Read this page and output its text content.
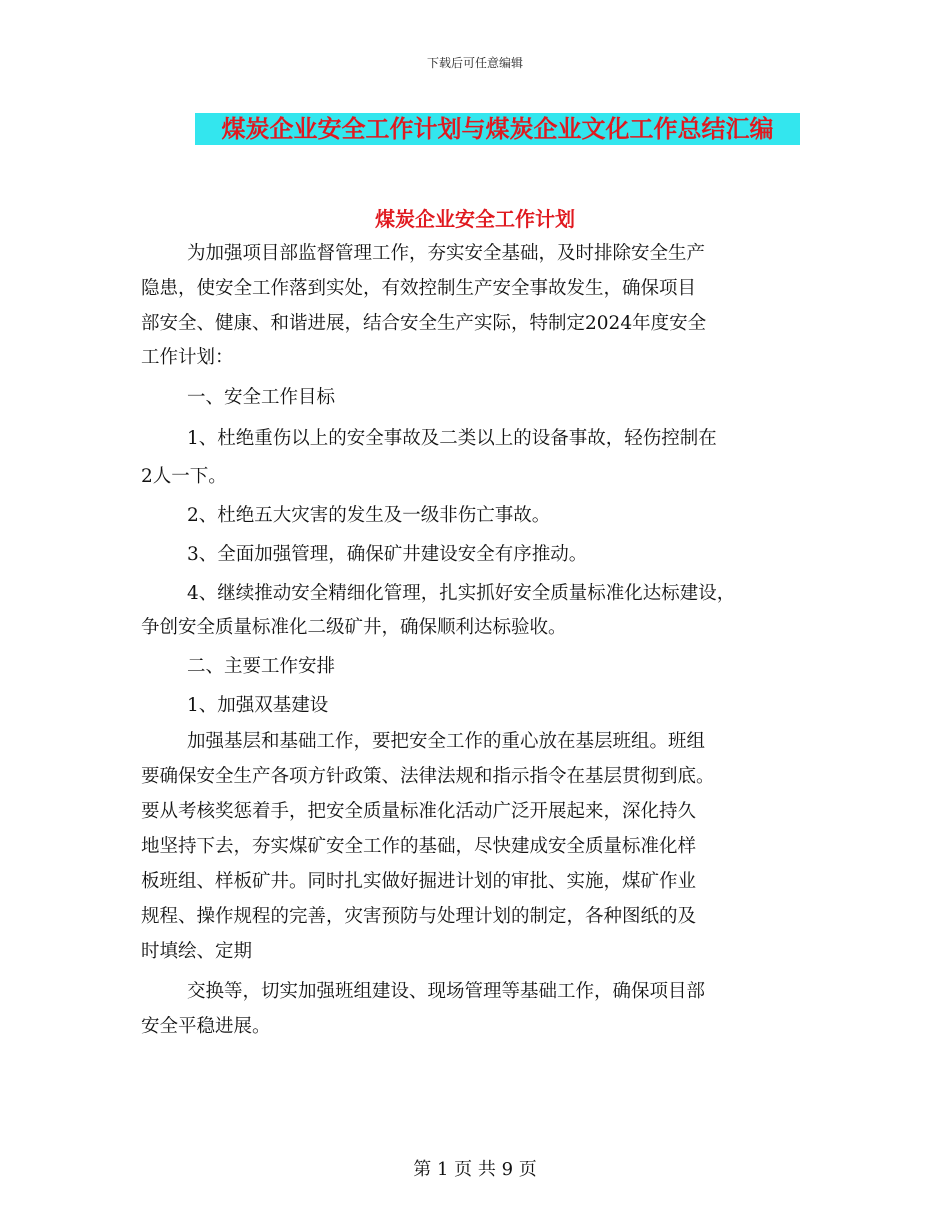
下载后可任意编辑
煤炭企业安全工作计划与煤炭企业文化工作总结汇编
煤炭企业安全工作计划
为加强项目部监督管理工作，夯实安全基础，及时排除安全生产
隐患，使安全工作落到实处，有效控制生产安全事故发生，确保项目
部安全、健康、和谐进展，结合安全生产实际，特制定2024年度安全
工作计划：
一、安全工作目标
1、杜绝重伤以上的安全事故及二类以上的设备事故，轻伤控制在
2人一下。
2、杜绝五大灾害的发生及一级非伤亡事故。
3、全面加强管理，确保矿井建设安全有序推动。
4、继续推动安全精细化管理，扎实抓好安全质量标准化达标建设，
争创安全质量标准化二级矿井，确保顺利达标验收。
二、主要工作安排
1、加强双基建设
加强基层和基础工作，要把安全工作的重心放在基层班组。班组
要确保安全生产各项方针政策、法律法规和指示指令在基层贯彻到底。
要从考核奖惩着手，把安全质量标准化活动广泛开展起来，深化持久
地坚持下去，夯实煤矿安全工作的基础，尽快建成安全质量标准化样
板班组、样板矿井。同时扎实做好掘进计划的审批、实施，煤矿作业
规程、操作规程的完善，灾害预防与处理计划的制定，各种图纸的及
时填绘、定期
交换等，切实加强班组建设、现场管理等基础工作，确保项目部
安全平稳进展。
第 1 页 共 9 页
